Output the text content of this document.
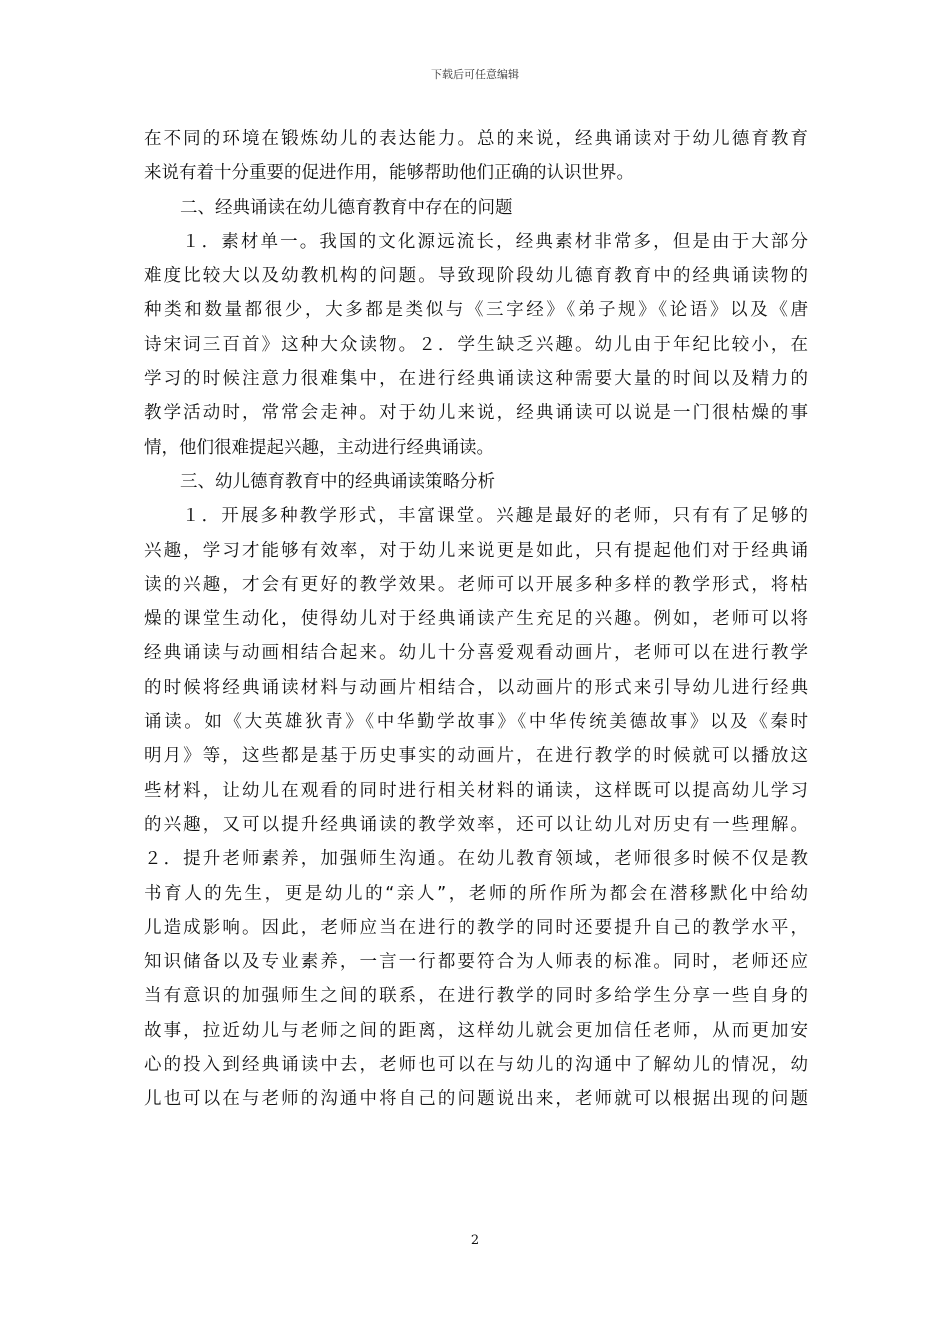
下载后可任意编辑
在不同的环境在锻炼幼儿的表达能力。总的来说，经典诵读对于幼儿德育教育
来说有着十分重要的促进作用，能够帮助他们正确的认识世界。
二、经典诵读在幼儿德育教育中存在的问题
１．素材单一。我国的文化源远流长，经典素材非常多，但是由于大部分
难度比较大以及幼教机构的问题。导致现阶段幼儿德育教育中的经典诵读物的
种类和数量都很少，大多都是类似与《三字经》《弟子规》《论语》以及《唐
诗宋词三百首》这种大众读物。２．学生缺乏兴趣。幼儿由于年纪比较小，在
学习的时候注意力很难集中，在进行经典诵读这种需要大量的时间以及精力的
教学活动时，常常会走神。对于幼儿来说，经典诵读可以说是一门很枯燥的事
情，他们很难提起兴趣，主动进行经典诵读。
三、幼儿德育教育中的经典诵读策略分析
１．开展多种教学形式，丰富课堂。兴趣是最好的老师，只有有了足够的
兴趣，学习才能够有效率，对于幼儿来说更是如此，只有提起他们对于经典诵
读的兴趣，才会有更好的教学效果。老师可以开展多种多样的教学形式，将枯
燥的课堂生动化，使得幼儿对于经典诵读产生充足的兴趣。例如，老师可以将
经典诵读与动画相结合起来。幼儿十分喜爱观看动画片，老师可以在进行教学
的时候将经典诵读材料与动画片相结合，以动画片的形式来引导幼儿进行经典
诵读。如《大英雄狄青》《中华勤学故事》《中华传统美德故事》以及《秦时
明月》等，这些都是基于历史事实的动画片，在进行教学的时候就可以播放这
些材料，让幼儿在观看的同时进行相关材料的诵读，这样既可以提高幼儿学习
的兴趣，又可以提升经典诵读的教学效率，还可以让幼儿对历史有一些理解。
２．提升老师素养，加强师生沟通。在幼儿教育领域，老师很多时候不仅是教
书育人的先生，更是幼儿的“亲人”，老师的所作所为都会在潜移默化中给幼
儿造成影响。因此，老师应当在进行的教学的同时还要提升自己的教学水平，
知识储备以及专业素养，一言一行都要符合为人师表的标准。同时，老师还应
当有意识的加强师生之间的联系，在进行教学的同时多给学生分享一些自身的
故事，拉近幼儿与老师之间的距离，这样幼儿就会更加信任老师，从而更加安
心的投入到经典诵读中去，老师也可以在与幼儿的沟通中了解幼儿的情况，幼
儿也可以在与老师的沟通中将自己的问题说出来，老师就可以根据出现的问题
2
